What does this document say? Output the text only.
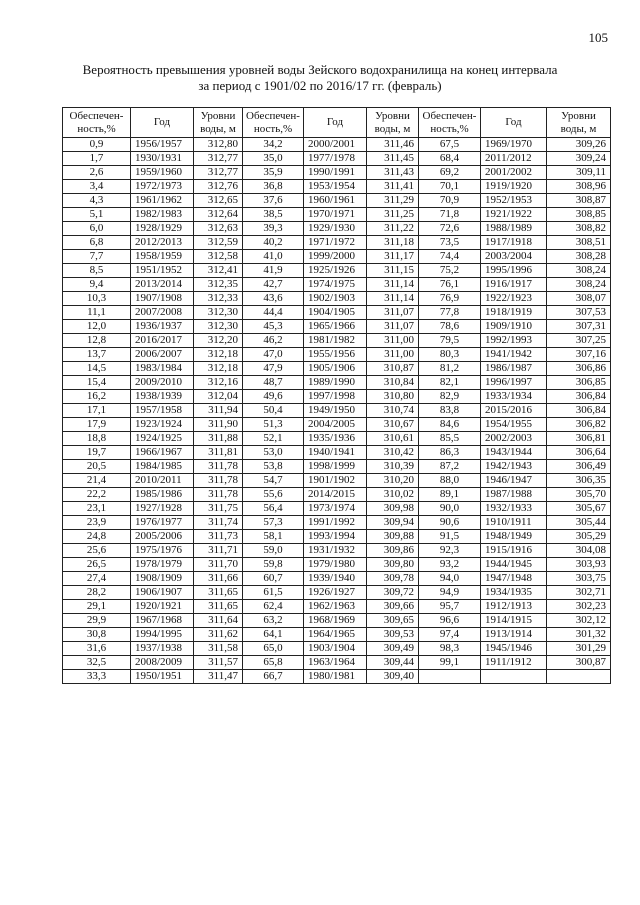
105
Вероятность превышения уровней воды Зейского водохранилища на конец интервала
за период с 1901/02 по 2016/17 гг. (февраль)
Обеспечен-ность,%	Год	Уровни воды, м	Обеспечен-ность,%	Год	Уровни воды, м	Обеспечен-ность,%	Год	Уровни воды, м
0,9	1956/1957	312,80	34,2	2000/2001	311,46	67,5	1969/1970	309,26
1,7	1930/1931	312,77	35,0	1977/1978	311,45	68,4	2011/2012	309,24
2,6	1959/1960	312,77	35,9	1990/1991	311,43	69,2	2001/2002	309,11
3,4	1972/1973	312,76	36,8	1953/1954	311,41	70,1	1919/1920	308,96
4,3	1961/1962	312,65	37,6	1960/1961	311,29	70,9	1952/1953	308,87
5,1	1982/1983	312,64	38,5	1970/1971	311,25	71,8	1921/1922	308,85
6,0	1928/1929	312,63	39,3	1929/1930	311,22	72,6	1988/1989	308,82
6,8	2012/2013	312,59	40,2	1971/1972	311,18	73,5	1917/1918	308,51
7,7	1958/1959	312,58	41,0	1999/2000	311,17	74,4	2003/2004	308,28
8,5	1951/1952	312,41	41,9	1925/1926	311,15	75,2	1995/1996	308,24
9,4	2013/2014	312,35	42,7	1974/1975	311,14	76,1	1916/1917	308,24
10,3	1907/1908	312,33	43,6	1902/1903	311,14	76,9	1922/1923	308,07
11,1	2007/2008	312,30	44,4	1904/1905	311,07	77,8	1918/1919	307,53
12,0	1936/1937	312,30	45,3	1965/1966	311,07	78,6	1909/1910	307,31
12,8	2016/2017	312,20	46,2	1981/1982	311,00	79,5	1992/1993	307,25
13,7	2006/2007	312,18	47,0	1955/1956	311,00	80,3	1941/1942	307,16
14,5	1983/1984	312,18	47,9	1905/1906	310,87	81,2	1986/1987	306,86
15,4	2009/2010	312,16	48,7	1989/1990	310,84	82,1	1996/1997	306,85
16,2	1938/1939	312,04	49,6	1997/1998	310,80	82,9	1933/1934	306,84
17,1	1957/1958	311,94	50,4	1949/1950	310,74	83,8	2015/2016	306,84
17,9	1923/1924	311,90	51,3	2004/2005	310,67	84,6	1954/1955	306,82
18,8	1924/1925	311,88	52,1	1935/1936	310,61	85,5	2002/2003	306,81
19,7	1966/1967	311,81	53,0	1940/1941	310,42	86,3	1943/1944	306,64
20,5	1984/1985	311,78	53,8	1998/1999	310,39	87,2	1942/1943	306,49
21,4	2010/2011	311,78	54,7	1901/1902	310,20	88,0	1946/1947	306,35
22,2	1985/1986	311,78	55,6	2014/2015	310,02	89,1	1987/1988	305,70
23,1	1927/1928	311,75	56,4	1973/1974	309,98	90,0	1932/1933	305,67
23,9	1976/1977	311,74	57,3	1991/1992	309,94	90,6	1910/1911	305,44
24,8	2005/2006	311,73	58,1	1993/1994	309,88	91,5	1948/1949	305,29
25,6	1975/1976	311,71	59,0	1931/1932	309,86	92,3	1915/1916	304,08
26,5	1978/1979	311,70	59,8	1979/1980	309,80	93,2	1944/1945	303,93
27,4	1908/1909	311,66	60,7	1939/1940	309,78	94,0	1947/1948	303,75
28,2	1906/1907	311,65	61,5	1926/1927	309,72	94,9	1934/1935	302,71
29,1	1920/1921	311,65	62,4	1962/1963	309,66	95,7	1912/1913	302,23
29,9	1967/1968	311,64	63,2	1968/1969	309,65	96,6	1914/1915	302,12
30,8	1994/1995	311,62	64,1	1964/1965	309,53	97,4	1913/1914	301,32
31,6	1937/1938	311,58	65,0	1903/1904	309,49	98,3	1945/1946	301,29
32,5	2008/2009	311,57	65,8	1963/1964	309,44	99,1	1911/1912	300,87
33,3	1950/1951	311,47	66,7	1980/1981	309,40			
